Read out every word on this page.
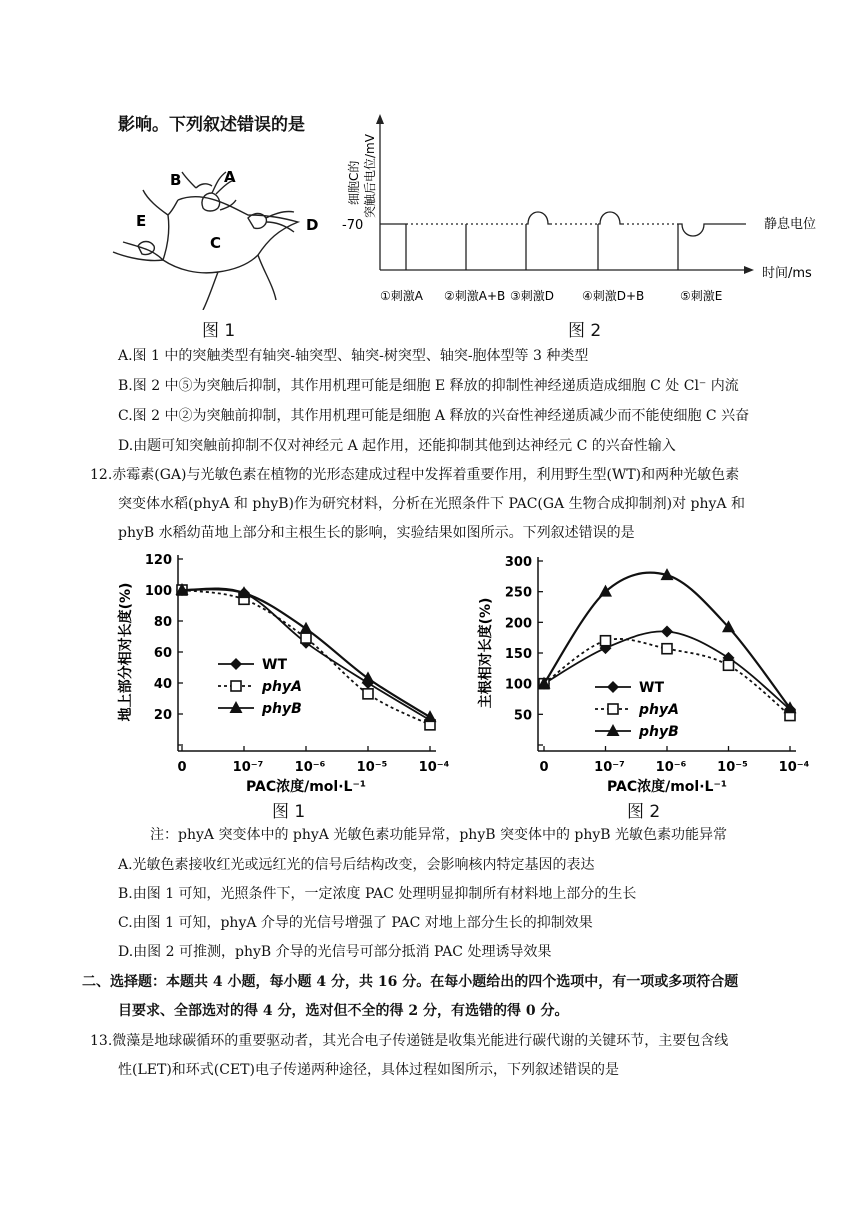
影响。下列叙述错误的是
B	A
C
D
E
图 1
细胞C的 突触后电位/mV
-70	静息电位
时间/ms
①刺激A ②刺激A+B ③刺激D ④刺激D+B	⑤刺激E
图 2
A.图 1 中的突触类型有轴突-轴突型、轴突-树突型、轴突-胞体型等 3 种类型
B.图 2 中⑤为突触后抑制，其作用机理可能是细胞 E 释放的抑制性神经递质造成细胞 C 处 Cl⁻ 内流
C.图 2 中②为突触前抑制，其作用机理可能是细胞 A 释放的兴奋性神经递质减少而不能使细胞 C 兴奋
D.由题可知突触前抑制不仅对神经元 A 起作用，还能抑制其他到达神经元 C 的兴奋性输入
12.赤霉素(GA)与光敏色素在植物的光形态建成过程中发挥着重要作用，利用野生型(WT)和两种光敏色素
突变体水稻(phyA 和 phyB)作为研究材料，分析在光照条件下 PAC(GA 生物合成抑制剂)对 phyA 和
phyB 水稻幼苗地上部分和主根生长的影响，实验结果如图所示。下列叙述错误的是
地上部分相对长度(%) 20
40
60
80
100
120
0	10⁻⁷ 10⁻⁶ 10⁻⁵ 10⁻⁴
PAC浓度/mol·L⁻¹
WT
phyA
phyB
图 1
主根相对长度(%)
50
100
150
200
250
300
0	10⁻⁷ 10⁻⁶ 10⁻⁵ 10⁻⁴
PAC浓度/mol·L⁻¹
WT
phyA
phyB
图 2
注：phyA 突变体中的 phyA 光敏色素功能异常，phyB 突变体中的 phyB 光敏色素功能异常
A.光敏色素接收红光或远红光的信号后结构改变，会影响核内特定基因的表达
B.由图 1 可知，光照条件下，一定浓度 PAC 处理明显抑制所有材料地上部分的生长
C.由图 1 可知，phyA 介导的光信号增强了 PAC 对地上部分生长的抑制效果
D.由图 2 可推测，phyB 介导的光信号可部分抵消 PAC 处理诱导效果
二、选择题：本题共 4 小题，每小题 4 分，共 16 分。在每小题给出的四个选项中，有一项或多项符合题
目要求、全部选对的得 4 分，选对但不全的得 2 分，有选错的得 0 分。
13.微藻是地球碳循环的重要驱动者，其光合电子传递链是收集光能进行碳代谢的关键环节，主要包含线
性(LET)和环式(CET)电子传递两种途径，具体过程如图所示，下列叙述错误的是
